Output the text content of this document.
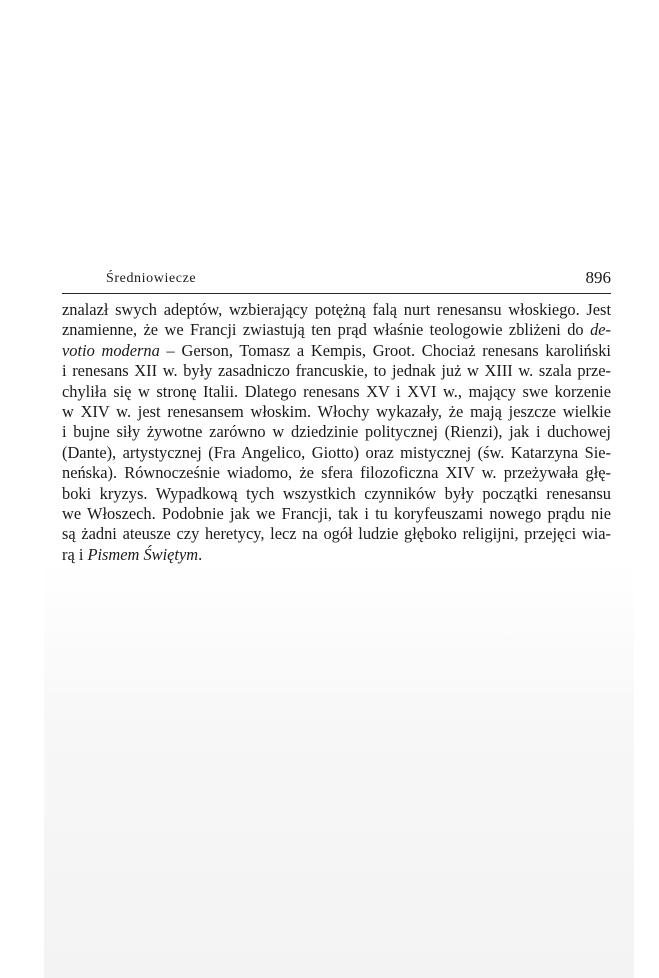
Średniowiecze	896
znalazł swych adeptów, wzbierający potężną falą nurt renesansu włoskiego. Jest
znamienne, że we Francji zwiastują ten prąd właśnie teologowie zbliżeni do de-
votio moderna – Gerson, Tomasz a Kempis, Groot. Chociaż renesans karoliński
i renesans XII w. były zasadniczo francuskie, to jednak już w XIII w. szala prze-
chyliła się w stronę Italii. Dlatego renesans XV i XVI w., mający swe korzenie
w XIV w. jest renesansem włoskim. Włochy wykazały, że mają jeszcze wielkie
i bujne siły żywotne zarówno w dziedzinie politycznej (Rienzi), jak i duchowej
(Dante), artystycznej (Fra Angelico, Giotto) oraz mistycznej (św. Katarzyna Sie-
neńska). Równocześnie wiadomo, że sfera filozoficzna XIV w. przeżywała głę-
boki kryzys. Wypadkową tych wszystkich czynników były początki renesansu
we Włoszech. Podobnie jak we Francji, tak i tu koryfeuszami nowego prądu nie
są żadni ateusze czy heretycy, lecz na ogół ludzie głęboko religijni, przejęci wia-
rą i Pismem Świętym.
